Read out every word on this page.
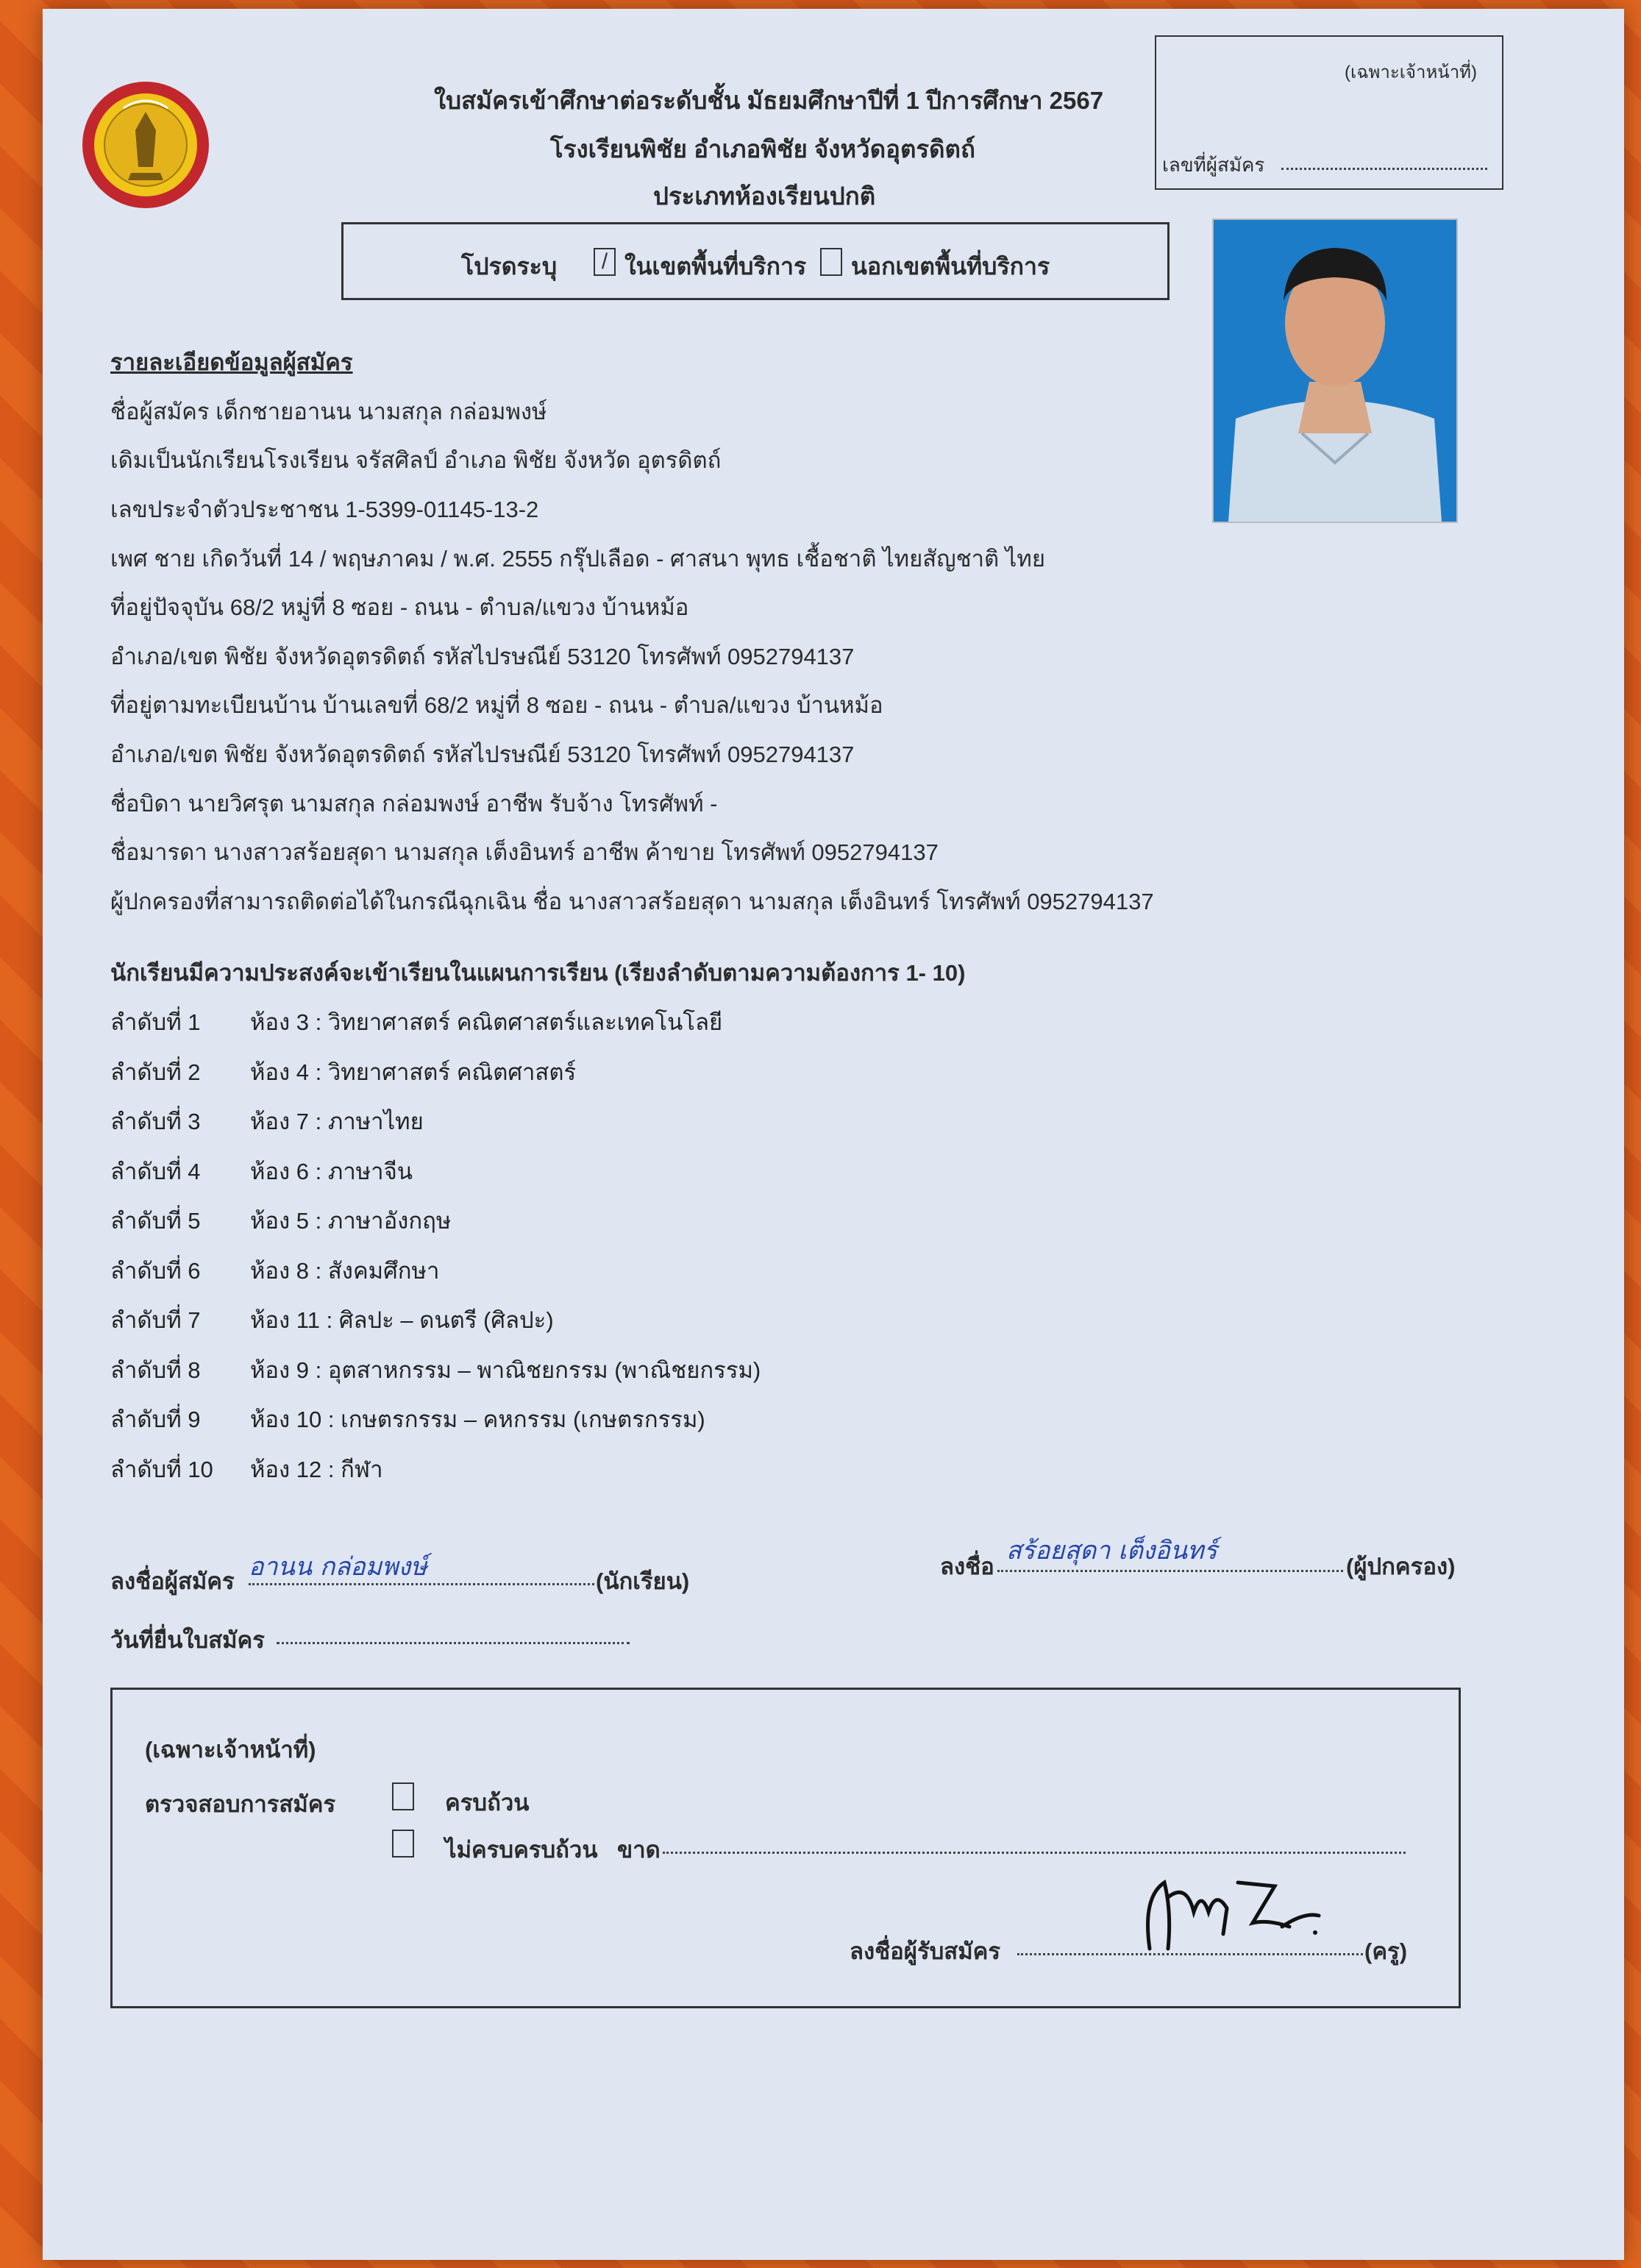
ใบสมัครเข้าศึกษาต่อระดับชั้น มัธยมศึกษาปีที่ 1 ปีการศึกษา 2567
โรงเรียนพิชัย อำเภอพิชัย จังหวัดอุตรดิตถ์
ประเภทห้องเรียนปกติ
(เฉพาะเจ้าหน้าที่)
เลขที่ผู้สมัคร
โปรดระบุ / ในเขตพื้นที่บริการ นอกเขตพื้นที่บริการ
รายละเอียดข้อมูลผู้สมัคร
ชื่อผู้สมัคร เด็กชายอานน นามสกุล กล่อมพงษ์
เดิมเป็นนักเรียนโรงเรียน จรัสศิลป์ อำเภอ พิชัย จังหวัด อุตรดิตถ์
เลขประจำตัวประชาชน 1-5399-01145-13-2
เพศ ชาย เกิดวันที่ 14 / พฤษภาคม / พ.ศ. 2555 กรุ๊ปเลือด - ศาสนา พุทธ เชื้อชาติ ไทยสัญชาติ ไทย
ที่อยู่ปัจจุบัน 68/2 หมู่ที่ 8 ซอย - ถนน - ตำบล/แขวง บ้านหม้อ
อำเภอ/เขต พิชัย จังหวัดอุตรดิตถ์ รหัสไปรษณีย์ 53120 โทรศัพท์ 0952794137
ที่อยู่ตามทะเบียนบ้าน บ้านเลขที่ 68/2 หมู่ที่ 8 ซอย - ถนน - ตำบล/แขวง บ้านหม้อ
อำเภอ/เขต พิชัย จังหวัดอุตรดิตถ์ รหัสไปรษณีย์ 53120 โทรศัพท์ 0952794137
ชื่อบิดา นายวิศรุต นามสกุล กล่อมพงษ์ อาชีพ รับจ้าง โทรศัพท์ -
ชื่อมารดา นางสาวสร้อยสุดา นามสกุล เต็งอินทร์ อาชีพ ค้าขาย โทรศัพท์ 0952794137
ผู้ปกครองที่สามารถติดต่อได้ในกรณีฉุกเฉิน ชื่อ นางสาวสร้อยสุดา นามสกุล เต็งอินทร์ โทรศัพท์ 0952794137
นักเรียนมีความประสงค์จะเข้าเรียนในแผนการเรียน (เรียงลำดับตามความต้องการ 1- 10)
ลำดับที่ 1 ห้อง 3 : วิทยาศาสตร์ คณิตศาสตร์และเทคโนโลยี
ลำดับที่ 2 ห้อง 4 : วิทยาศาสตร์ คณิตศาสตร์
ลำดับที่ 3 ห้อง 7 : ภาษาไทย
ลำดับที่ 4 ห้อง 6 : ภาษาจีน
ลำดับที่ 5 ห้อง 5 : ภาษาอังกฤษ
ลำดับที่ 6 ห้อง 8 : สังคมศึกษา
ลำดับที่ 7 ห้อง 11 : ศิลปะ – ดนตรี (ศิลปะ)
ลำดับที่ 8 ห้อง 9 : อุตสาหกรรม – พาณิชยกรรม (พาณิชยกรรม)
ลำดับที่ 9 ห้อง 10 : เกษตรกรรม – คหกรรม (เกษตรกรรม)
ลำดับที่ 10 ห้อง 12 : กีฬา
ลงชื่อผู้สมัคร อานน กล่อมพงษ์	(นักเรียน)
ลงชื่อ
สร้อยสุดา เต็งอินทร์
(ผู้ปกครอง)
วันที่ยื่นใบสมัคร
(เฉพาะเจ้าหน้าที่)
ตรวจสอบการสมัคร	ครบถ้วน
ไม่ครบครบถ้วน ขาด
ลงชื่อผู้รับสมัคร	(ครู)
